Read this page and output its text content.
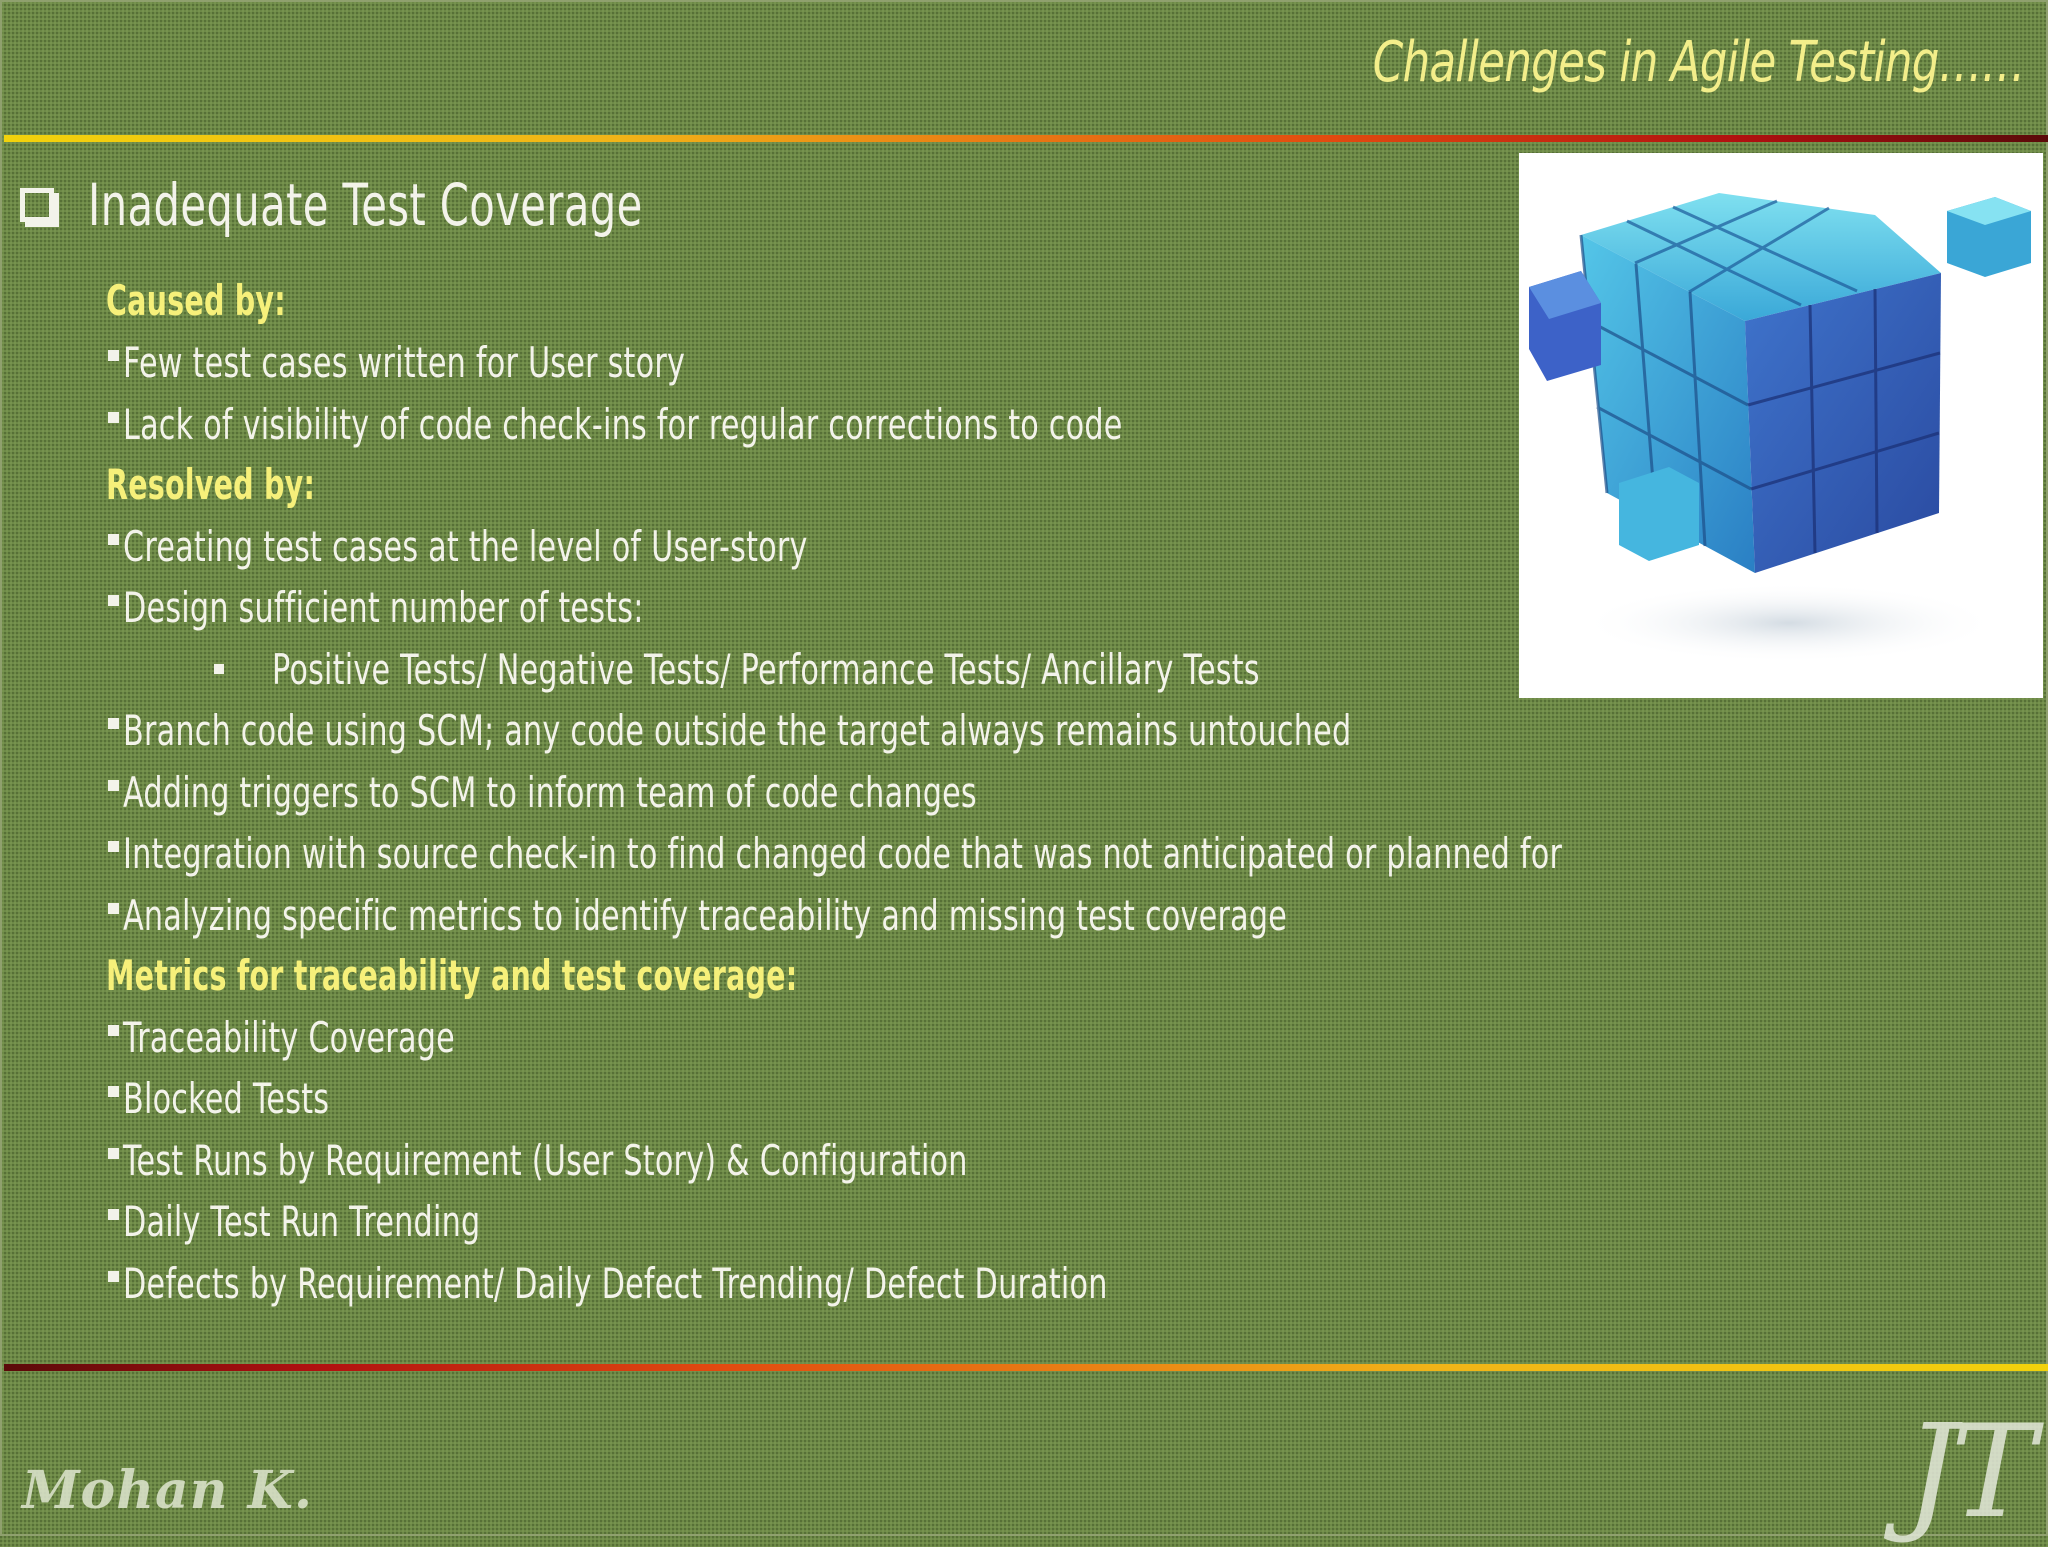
Challenges in Agile Testing……
Inadequate Test Coverage
Caused by:
Few test cases written for User story
Lack of visibility of code check-ins for regular corrections to code
Resolved by:
Creating test cases at the level of User-story
Design sufficient number of tests:
Positive Tests/ Negative Tests/ Performance Tests/ Ancillary Tests
Branch code using SCM; any code outside the target always remains untouched
Adding triggers to SCM to inform team of code changes
Integration with source check-in to find changed code that was not anticipated or planned for
Analyzing specific metrics to identify traceability and missing test coverage
Metrics for traceability and test coverage:
Traceability Coverage
Blocked Tests
Test Runs by Requirement (User Story) & Configuration
Daily Test Run Trending
Defects by Requirement/ Daily Defect Trending/ Defect Duration
Mohan K.	JT
